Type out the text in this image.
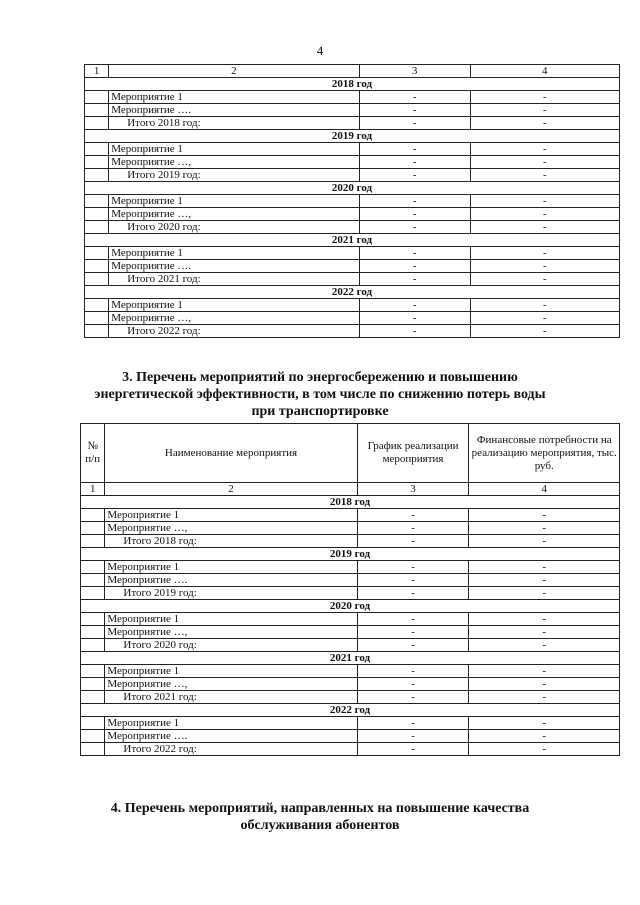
4
1	2	3	4
2018 год			
	Мероприятие 1	-	-
	Мероприятие ….	-	-
	Итого 2018 год:	-	-
2019 год			
	Мероприятие 1	-	-
	Мероприятие …,	-	-
	Итого 2019 год:	-	-
2020 год			
	Мероприятие 1	-	-
	Мероприятие …,	-	-
	Итого 2020 год:	-	-
2021 год			
	Мероприятие 1	-	-
	Мероприятие ….	-	-
	Итого 2021 год:	-	-
2022 год			
	Мероприятие 1	-	-
	Мероприятие …,	-	-
	Итого 2022 год:	-	-
3. Перечень мероприятий по энергосбережению и повышению
энергетической эффективности, в том числе по снижению потерь воды
при транспортировке
№ п/п	Наименование мероприятия	График реализации мероприятия	Финансовые потребности на реализацию мероприятия, тыс. руб.
1	2	3	4
2018 год			
	Мероприятие 1	-	-
	Мероприятие …,	-	-
	Итого 2018 год:	-	-
2019 год			
	Мероприятие 1	-	-
	Мероприятие ….	-	-
	Итого 2019 год:	-	-
2020 год			
	Мероприятие 1	-	-
	Мероприятие …,	-	-
	Итого 2020 год:	-	-
2021 год			
	Мероприятие 1	-	-
	Мероприятие …,	-	-
	Итого 2021 год:	-	-
2022 год			
	Мероприятие 1	-	-
	Мероприятие ….	-	-
	Итого 2022 год:	-	-
4. Перечень мероприятий, направленных на повышение качества
обслуживания абонентов
